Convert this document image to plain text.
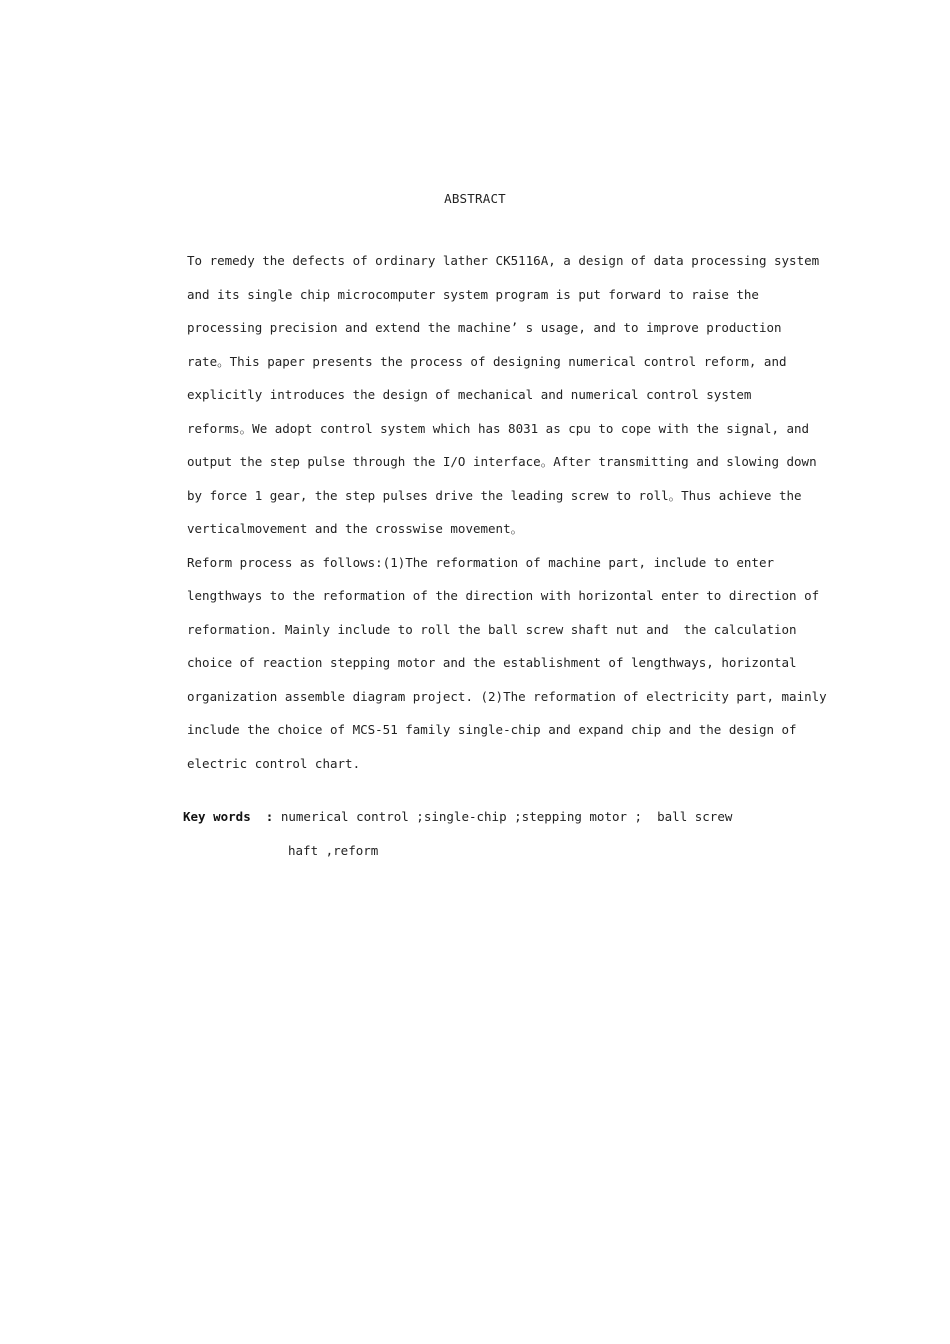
ABSTRACT
To remedy the defects of ordinary lather CK5116A, a design of data processing system
and its single chip microcomputer system program is put forward to raise the
processing precision and extend the machine’ s usage, and to improve production
rate。This paper presents the process of designing numerical control reform, and
explicitly introduces the design of mechanical and numerical control system
reforms。We adopt control system which has 8031 as cpu to cope with the signal, and
output the step pulse through the I/O interface。After transmitting and slowing down
by force 1 gear, the step pulses drive the leading screw to roll。Thus achieve the
verticalmovement and the crosswise movement。
Reform process as follows:(1)The reformation of machine part, include to enter
lengthways to the reformation of the direction with horizontal enter to direction of
reformation. Mainly include to roll the ball screw shaft nut and  the calculation
choice of reaction stepping motor and the establishment of lengthways, horizontal
organization assemble diagram project. (2)The reformation of electricity part, mainly
include the choice of MCS-51 family single-chip and expand chip and the design of
electric control chart.
Key words  : numerical control ;single-chip ;stepping motor ;  ball screw
haft ,reform
